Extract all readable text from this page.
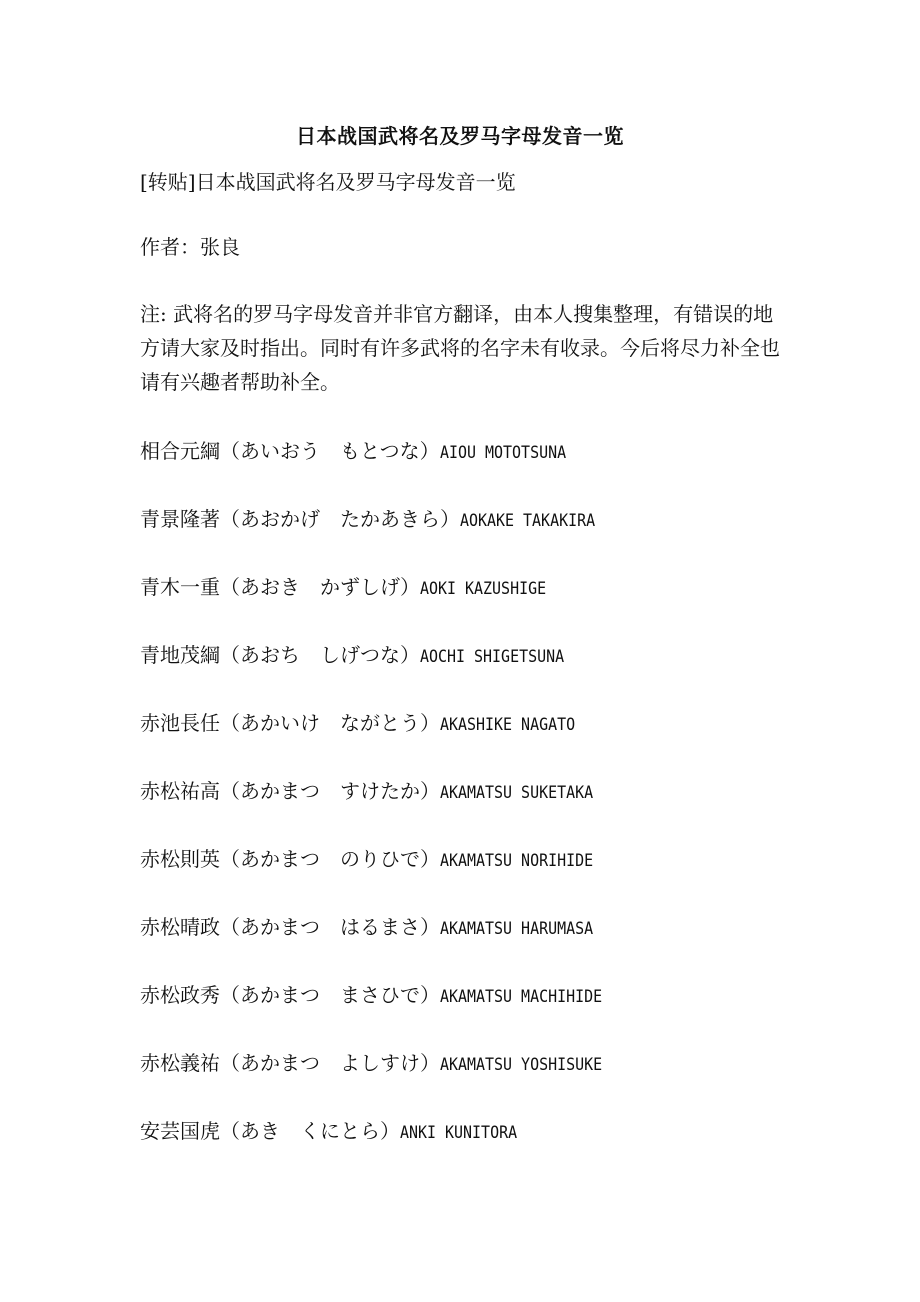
日本战国武将名及罗马字母发音一览

[转贴]日本战国武将名及罗马字母发音一览

作者：张良

注: 武将名的罗马字母发音并非官方翻译，由本人搜集整理，有错误的地方请大家及时指出。同时有许多武将的名字未有收录。今后将尽力补全也请有兴趣者帮助补全。

相合元綱（あいおう　もとつな）AIOU MOTOTSUNA
青景隆著（あおかげ　たかあきら）AOKAKE TAKAKIRA
青木一重（あおき　かずしげ）AOKI KAZUSHIGE
青地茂綱（あおち　しげつな）AOCHI SHIGETSUNA
赤池長任（あかいけ　ながとう）AKASHIKE NAGATO
赤松祐高（あかまつ　すけたか）AKAMATSU SUKETAKA
赤松則英（あかまつ　のりひで）AKAMATSU NORIHIDE
赤松晴政（あかまつ　はるまさ）AKAMATSU HARUMASA
赤松政秀（あかまつ　まさひで）AKAMATSU MACHIHIDE
赤松義祐（あかまつ　よしすけ）AKAMATSU YOSHISUKE
安芸国虎（あき　くにとら）ANKI KUNITORA
